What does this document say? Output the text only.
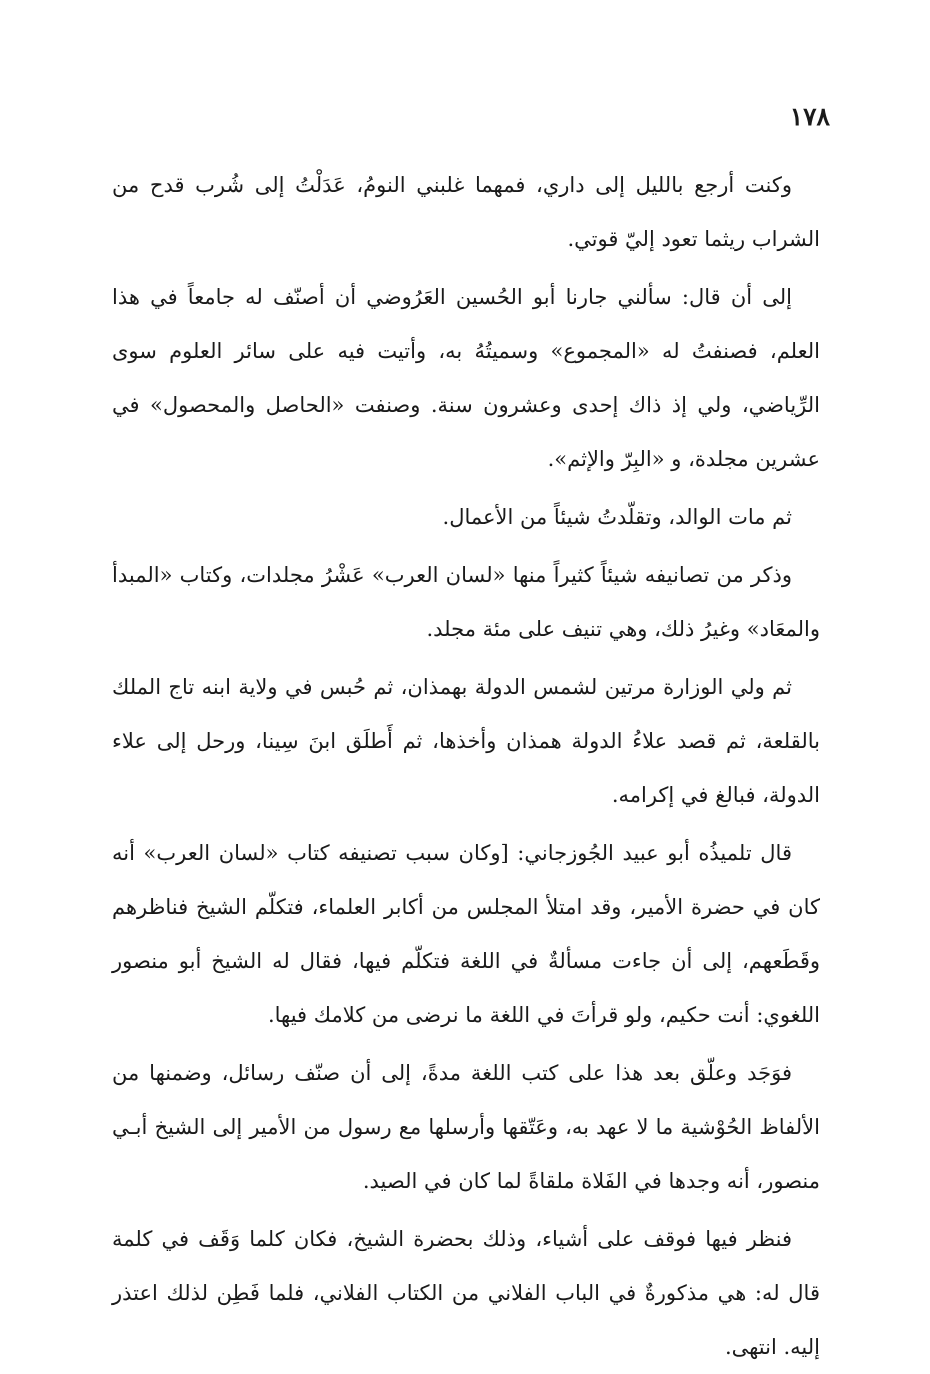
١٧٨

وكنت أرجع بالليل إلى داري، فمهما غلبني النومُ، عَدَلْتُ إلى شُرب قدح من الشراب ريثما تعود إليّ قوتي.

إلى أن قال: سألني جارنا أبو الحُسين العَرُوضي أن أصنّف له جامعاً في هذا العلم، فصنفتُ له «المجموع» وسميتُهُ به، وأتيت فيه على سائر العلوم سوى الرِّياضي، ولي إذ ذاك إحدى وعشرون سنة. وصنفت «الحاصل والمحصول» في عشرين مجلدة، و «البِرّ والإثم».

ثم مات الوالد، وتقلّدتُ شيئاً من الأعمال.

وذكر من تصانيفه شيئاً كثيراً منها «لسان العرب» عَشْرُ مجلدات، وكتاب «المبدأ والمعَاد» وغيرُ ذلك، وهي تنيف على مئة مجلد.

ثم ولي الوزارة مرتين لشمس الدولة بهمذان، ثم حُبس في ولاية ابنه تاج الملك بالقلعة، ثم قصد علاءُ الدولة همذان وأخذها، ثم أَطلَق ابنَ سِينا، ورحل إلى علاء الدولة، فبالغ في إكرامه.

قال تلميذُه أبو عبيد الجُوزجاني: [وكان سبب تصنيفه كتاب «لسان العرب» أنه كان في حضرة الأمير، وقد امتلأ المجلس من أكابر العلماء، فتكلّم الشيخ فناظرهم وقَطَعهم، إلى أن جاءت مسألةٌ في اللغة فتكلّم فيها، فقال له الشيخ أبو منصور اللغوي: أنت حكيم، ولو قرأتَ في اللغة ما نرضى من كلامك فيها.

فوَجَد وعلّق بعد هذا على كتب اللغة مدةً، إلى أن صنّف رسائل، وضمنها من الألفاظ الحُوْشية ما لا عهد به، وعَتّقها وأرسلها مع رسول من الأمير إلى الشيخ أبـي منصور، أنه وجدها في الفَلاة ملقاةً لما كان في الصيد.

فنظر فيها فوقف على أشياء، وذلك بحضرة الشيخ، فكان كلما وَقَف في كلمة قال له: هي مذكورةٌ في الباب الفلاني من الكتاب الفلاني، فلما فَطِن لذلك اعتذر إليه. انتهى.
